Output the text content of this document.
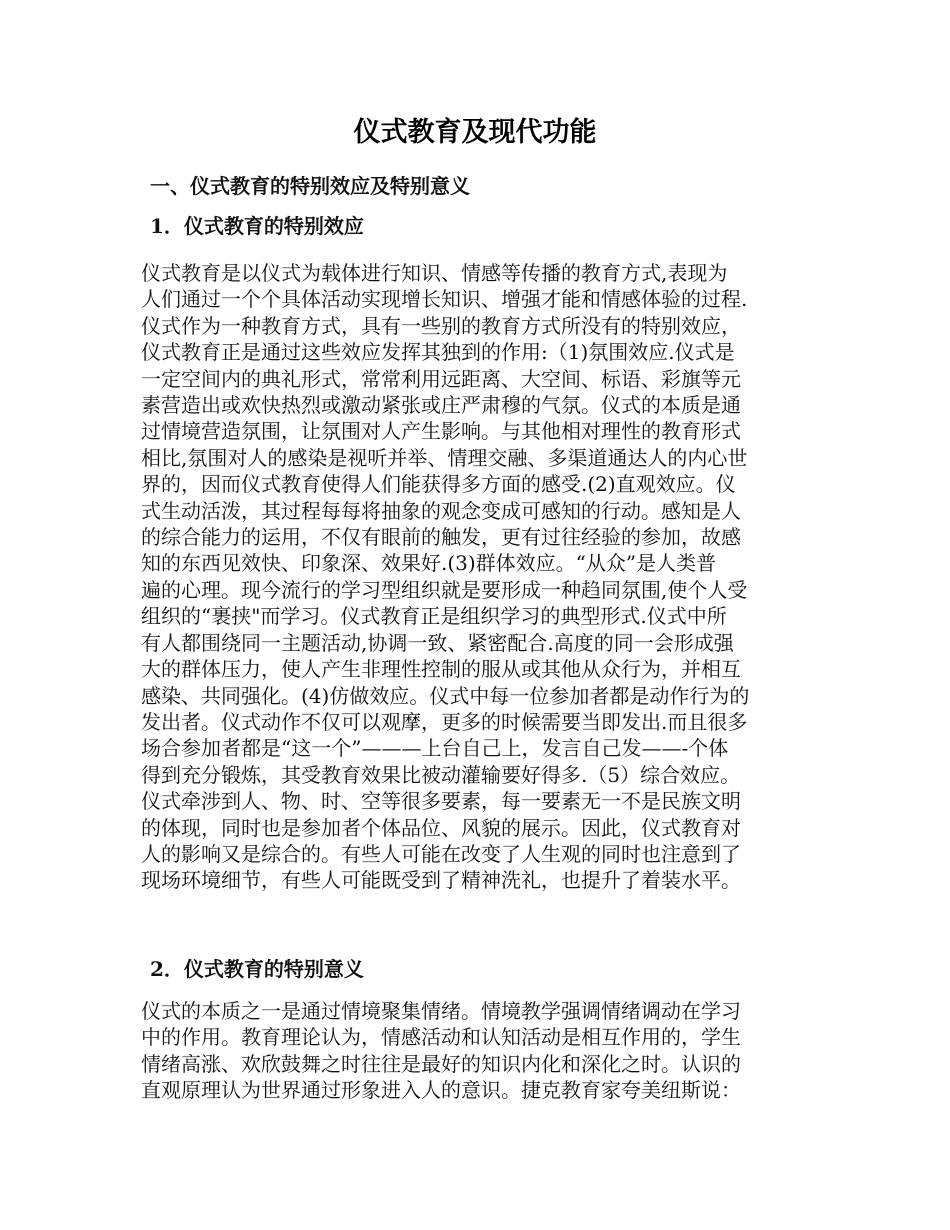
仪式教育及现代功能
一、仪式教育的特别效应及特别意义
1．仪式教育的特别效应
仪式教育是以仪式为载体进行知识、情感等传播的教育方式,表现为
人们通过一个个具体活动实现增长知识、增强才能和情感体验的过程.
仪式作为一种教育方式，具有一些别的教育方式所没有的特别效应，
仪式教育正是通过这些效应发挥其独到的作用:（1)氛围效应.仪式是
一定空间内的典礼形式，常常利用远距离、大空间、标语、彩旗等元
素营造出或欢快热烈或激动紧张或庄严肃穆的气氛。仪式的本质是通
过情境营造氛围，让氛围对人产生影响。与其他相对理性的教育形式
相比,氛围对人的感染是视听并举、情理交融、多渠道通达人的内心世
界的，因而仪式教育使得人们能获得多方面的感受.(2)直观效应。仪
式生动活泼，其过程每每将抽象的观念变成可感知的行动。感知是人
的综合能力的运用，不仅有眼前的触发，更有过往经验的参加，故感
知的东西见效快、印象深、效果好.(3)群体效应。“从众”是人类普
遍的心理。现今流行的学习型组织就是要形成一种趋同氛围,使个人受
组织的“裹挟"而学习。仪式教育正是组织学习的典型形式.仪式中所
有人都围绕同一主题活动,协调一致、紧密配合.高度的同一会形成强
大的群体压力，使人产生非理性控制的服从或其他从众行为，并相互
感染、共同强化。(4)仿做效应。仪式中每一位参加者都是动作行为的
发出者。仪式动作不仅可以观摩，更多的时候需要当即发出.而且很多
场合参加者都是“这一个”———上台自己上，发言自己发——-个体
得到充分锻炼，其受教育效果比被动灌输要好得多.（5）综合效应。
仪式牵涉到人、物、时、空等很多要素，每一要素无一不是民族文明
的体现，同时也是参加者个体品位、风貌的展示。因此，仪式教育对
人的影响又是综合的。有些人可能在改变了人生观的同时也注意到了
现场环境细节，有些人可能既受到了精神洗礼，也提升了着装水平。
2．仪式教育的特别意义
仪式的本质之一是通过情境聚集情绪。情境教学强调情绪调动在学习
中的作用。教育理论认为，情感活动和认知活动是相互作用的，学生
情绪高涨、欢欣鼓舞之时往往是最好的知识内化和深化之时。认识的
直观原理认为世界通过形象进入人的意识。捷克教育家夸美纽斯说：
